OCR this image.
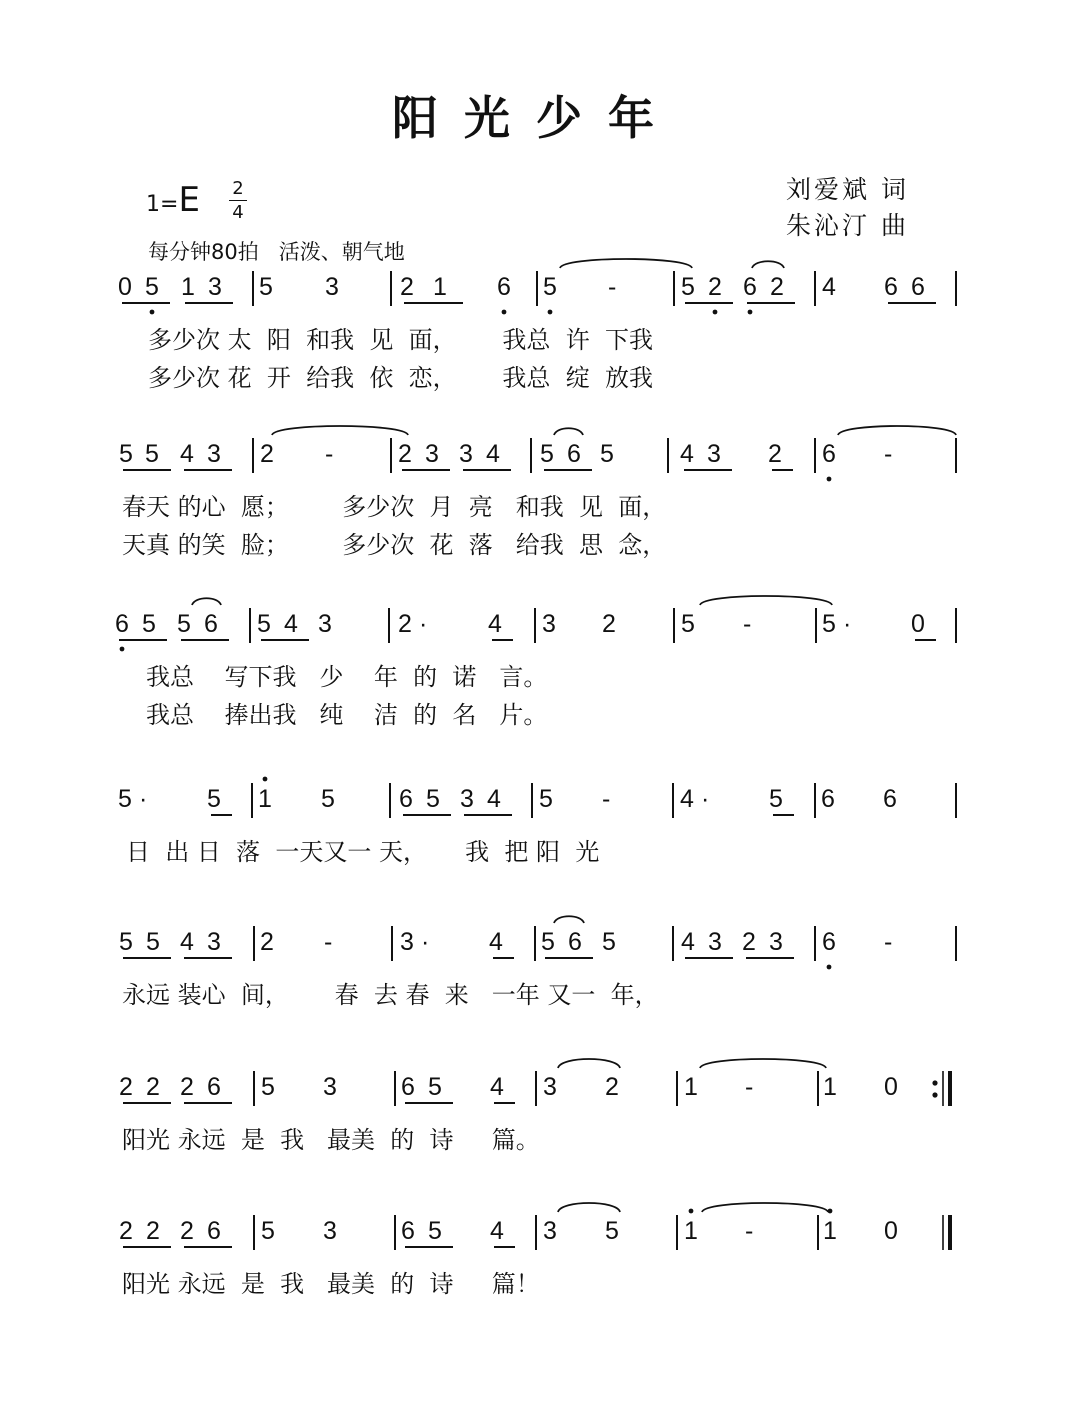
阳光少年
刘爱斌 词
朱沁汀 曲
1=E 2
4
每分钟80拍   活泼、朝气地
0 5 1 3 5 3 2 1 6 5 -	5 2 6 2 4 6 6
多少次 太  阳  和我  见  面，      我总  许  下我
多少次 花  开  给我  依  恋，      我总  绽  放我
5 5 4 3 2 -	2 3 3 4 5 6 5	4 3 2 6 -
春天 的心  愿；       多少次  月  亮   和我  见  面，
天真 的笑  脸；       多少次  花  落   给我  思  念，
6 5 5 6 5 4 3	2 · 4 3 2	5 -	5 · 0
我总    写下我   少    年  的  诺   言。
我总    捧出我   纯    洁  的  名   片。
5 · 5 1 5	6 5 3 4 5 -	4 · 5 6 6
日  出 日  落  一天又一 天，     我  把 阳  光
5 5 4 3 2 -	3 · 4 5 6 5	4 3 2 3 6 -
永远 装心  间，      春  去 春  来   一年 又一  年，
2 2 2 6 5 3	6 5 4 3 2	1 -	1 0
阳光 永远  是  我   最美  的  诗     篇。
2 2 2 6 5 3	6 5 4 3 5	1 -	1 0
阳光 永远  是  我   最美  的  诗     篇！
